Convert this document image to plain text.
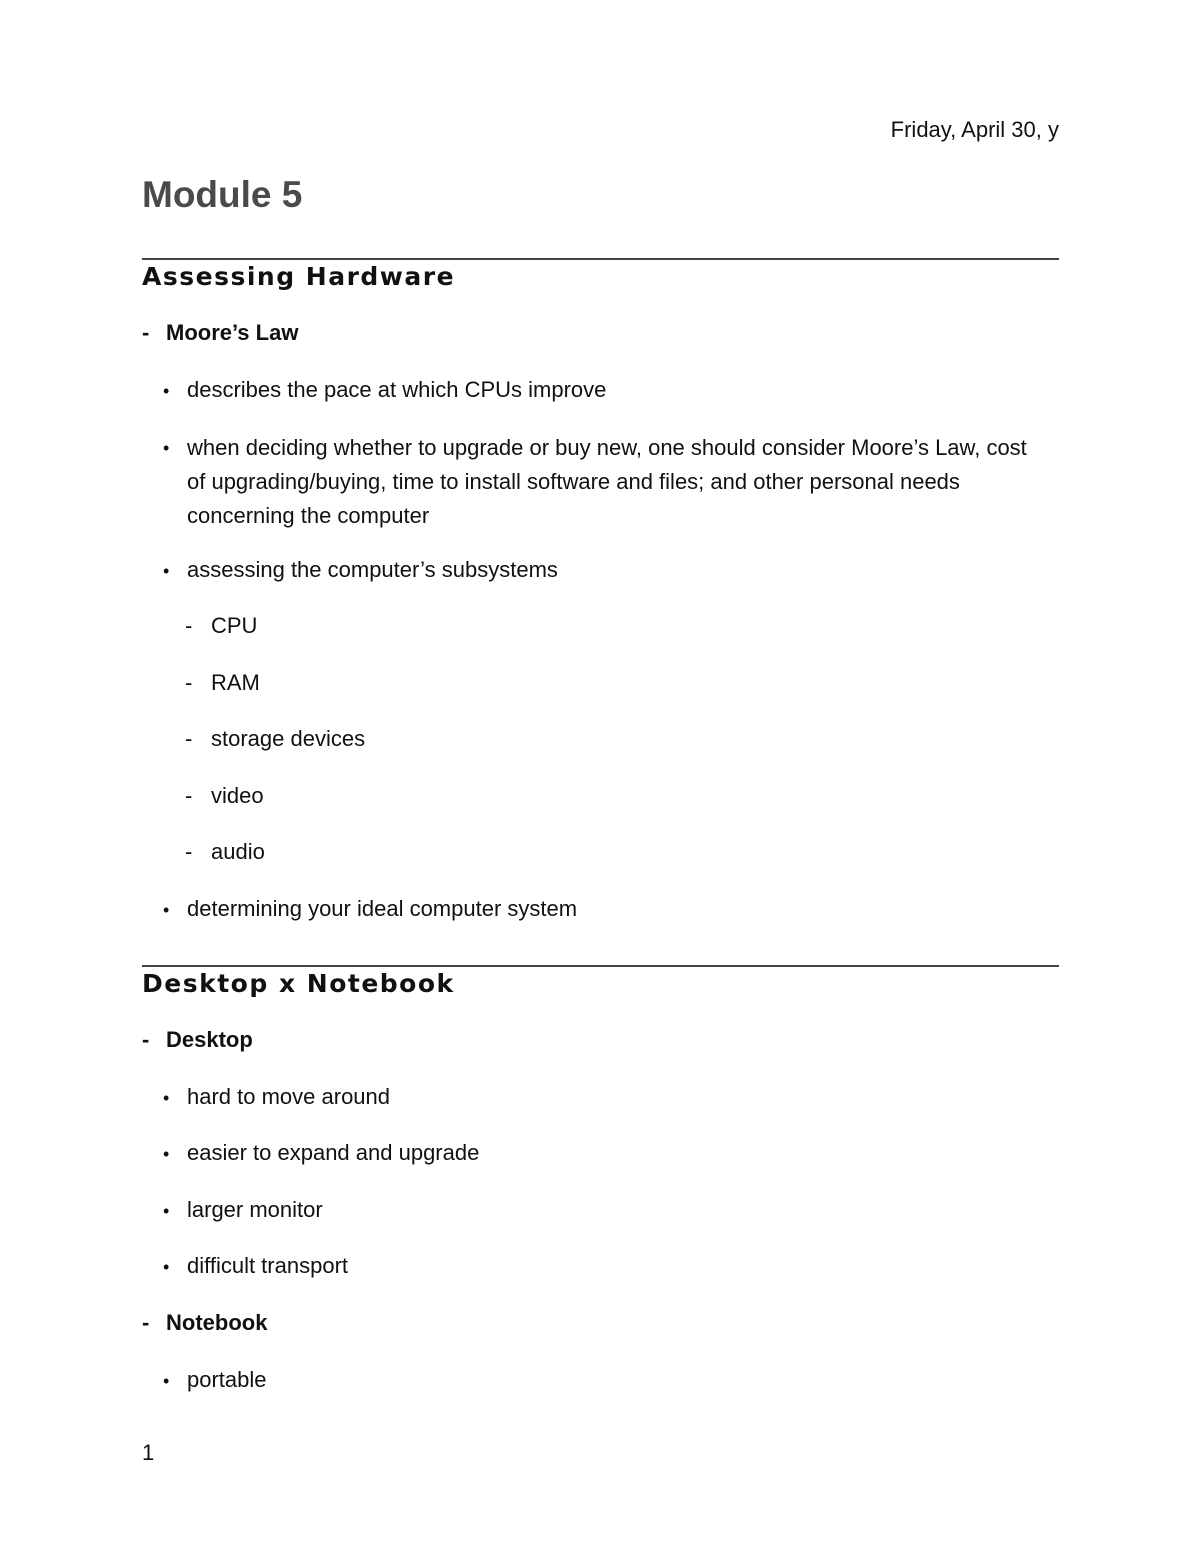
Friday, April 30, y
Module 5
Assessing Hardware
- Moore’s Law
• describes the pace at which CPUs improve
• when deciding whether to upgrade or buy new, one should consider Moore’s Law, cost of upgrading/buying, time to install software and files; and other personal needs concerning the computer
• assessing the computer’s subsystems
- CPU
- RAM
- storage devices
- video
- audio
• determining your ideal computer system
Desktop x Notebook
- Desktop
• hard to move around
• easier to expand and upgrade
• larger monitor
• difficult transport
- Notebook
• portable
1
